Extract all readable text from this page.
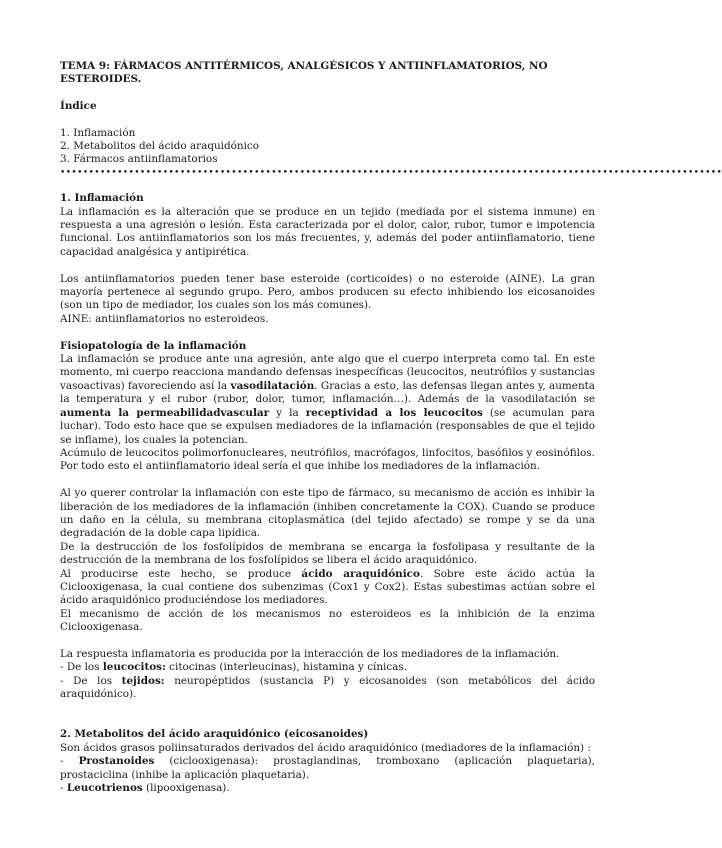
TEMA 9: FÁRMACOS ANTITÉRMICOS, ANALGÉSICOS Y ANTIINFLAMATORIOS, NO ESTEROIDES.

Índice
1. Inflamación
2. Metabolitos del ácido araquidónico
3. Fármacos antiinflamatorios
••••••••••••••••••••••••••••••••••••••••••••••••••••••••••••••••••••••••••••••••••••••••••••••••••••••••••••••••••••

1. Inflamación

La inflamación es la alteración que se produce en un tejido (mediada por el sistema inmune) en respuesta a una agresión o lesión. Esta caracterizada por el dolor, calor, rubor, tumor e impotencia funcional. Los antiinflamatorios son los más frecuentes, y, además del poder antiinflamatorio, tiene capacidad analgésica y antipirética.

Los antiinflamatorios pueden tener base esteroide (corticoides) o no esteroide (AINE). La gran mayoría pertenece al segundo grupo. Pero, ambos producen su efecto inhibiendo los eicosanoides (son un tipo de mediador, los cuales son los más comunes).

AINE: antiinflamatorios no esteroideos.

Fisiopatología de la inflamación

La inflamación se produce ante una agresión, ante algo que el cuerpo interpreta como tal. En este momento, mi cuerpo reacciona mandando defensas inespecíficas (leucocitos, neutrófilos y sustancias vasoactivas) favoreciendo así la vasodilatación. Gracias a esto, las defensas llegan antes y, aumenta la temperatura y el rubor (rubor, dolor, tumor, inflamación…). Además de la vasodilatación se aumenta la permeabilidadvascular y la receptividad a los leucocitos (se acumulan para luchar). Todo esto hace que se expulsen mediadores de la inflamación (responsables de que el tejido se inflame), los cuales la potencian.

Acúmulo de leucocitos polimorfonucleares, neutrófilos, macrófagos, linfocitos, basófilos y eosinófilos.

Por todo esto el antiinflamatorio ideal sería el que inhibe los mediadores de la inflamación.

Al yo querer controlar la inflamación con este tipo de fármaco, su mecanismo de acción es inhibir la liberación de los mediadores de la inflamación (inhiben concretamente la COX). Cuando se produce un daño en la célula, su membrana citoplasmática (del tejido afectado) se rompe y se da una degradación de la doble capa lipídica.

De la destrucción de los fosfolípidos de membrana se encarga la fosfolipasa y resultante de la destrucción de la membrana de los fosfolípidos se libera el ácido araquidónico.

Al producirse este hecho, se produce ácido araquidónico. Sobre este ácido actúa la Ciclooxigenasa, la cual contiene dos subenzimas (Cox1 y Cox2). Estas subestimas actúan sobre el ácido araquidónico produciéndose los mediadores.

El mecanismo de acción de los mecanismos no esteroideos es la inhibición de la enzima Ciclooxigenasa.

La respuesta inflamatoria es producida por la interacción de los mediadores de la inflamación.

- De los leucocitos: citocinas (interleucinas), histamina y cínicas.

- De los tejidos: neuropéptidos (sustancia P) y eicosanoides (son metabólicos del ácido araquidónico).

2. Metabolitos del ácido araquidónico (eicosanoides)

Son ácidos grasos poliinsaturados derivados del ácido araquidónico (mediadores de la inflamación) :

- Prostanoides (ciclooxigenasa): prostaglandinas, tromboxano (aplicación plaquetaria), prostaciclina (inhibe la aplicación plaquetaria).

- Leucotrienos (lipooxigenasa).
